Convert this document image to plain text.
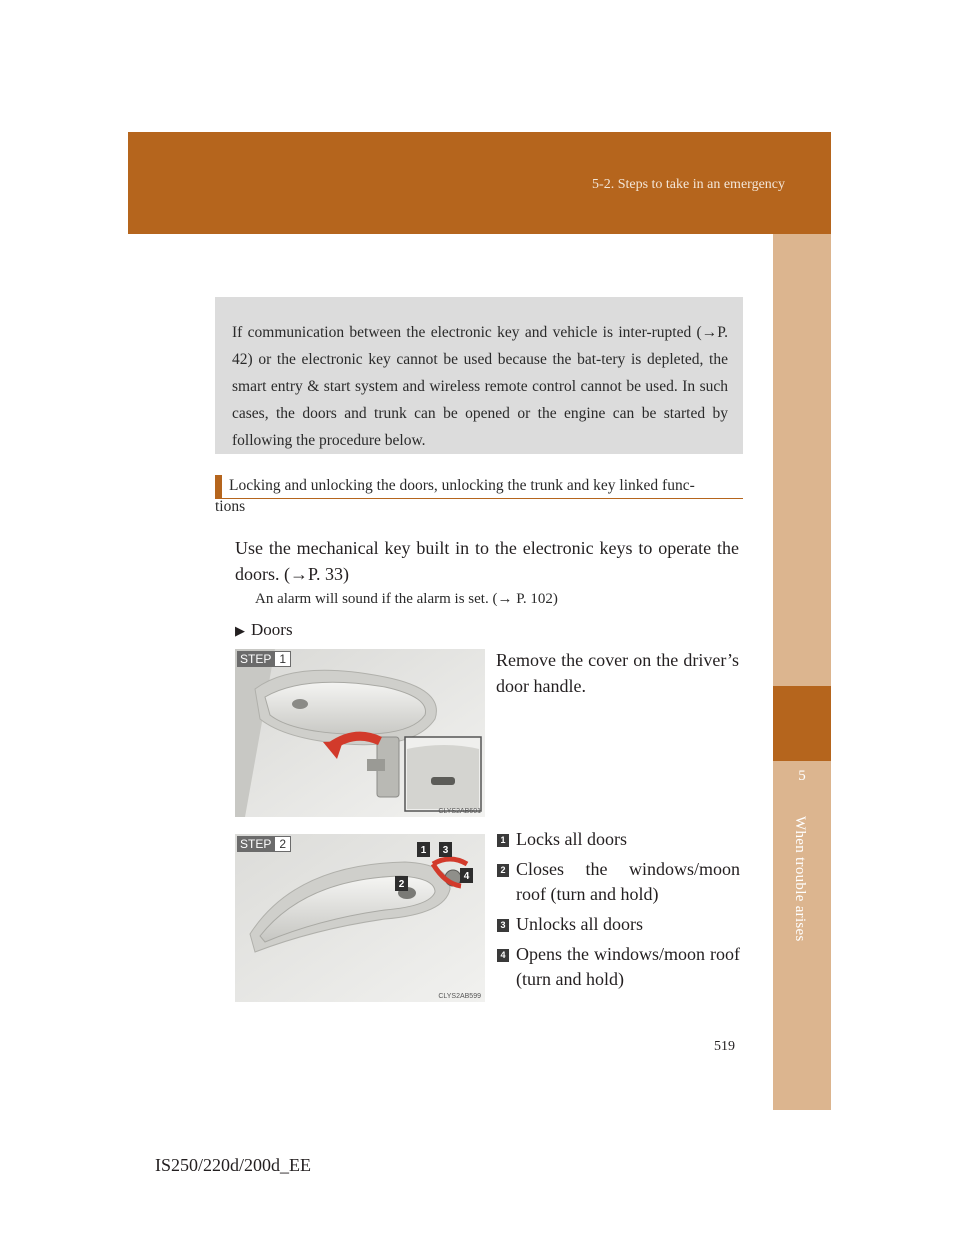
5-2. Steps to take in an emergency
5
When trouble arises
If communication between the electronic key and vehicle is inter-rupted (→P. 42) or the electronic key cannot be used because the bat-tery is depleted, the smart entry & start system and wireless remote control cannot be used. In such cases, the doors and trunk can be opened or the engine can be started by following the procedure below.
Locking and unlocking the doors, unlocking the trunk and key linked func-
tions
Use the mechanical key built in to the electronic keys to operate the doors. (→P. 33)
An alarm will sound if the alarm is set. (→ P. 102)
▶ Doors
STEP 1
CLYS2AB601
Remove the cover on the driver’s door handle.
STEP 2	1 3
2
4
CLYS2AB599
1 Locks all doors
2 Closes the windows/moon roof (turn and hold)
3 Unlocks all doors
4 Opens the windows/moon roof (turn and hold)
519
IS250/220d/200d_EE
